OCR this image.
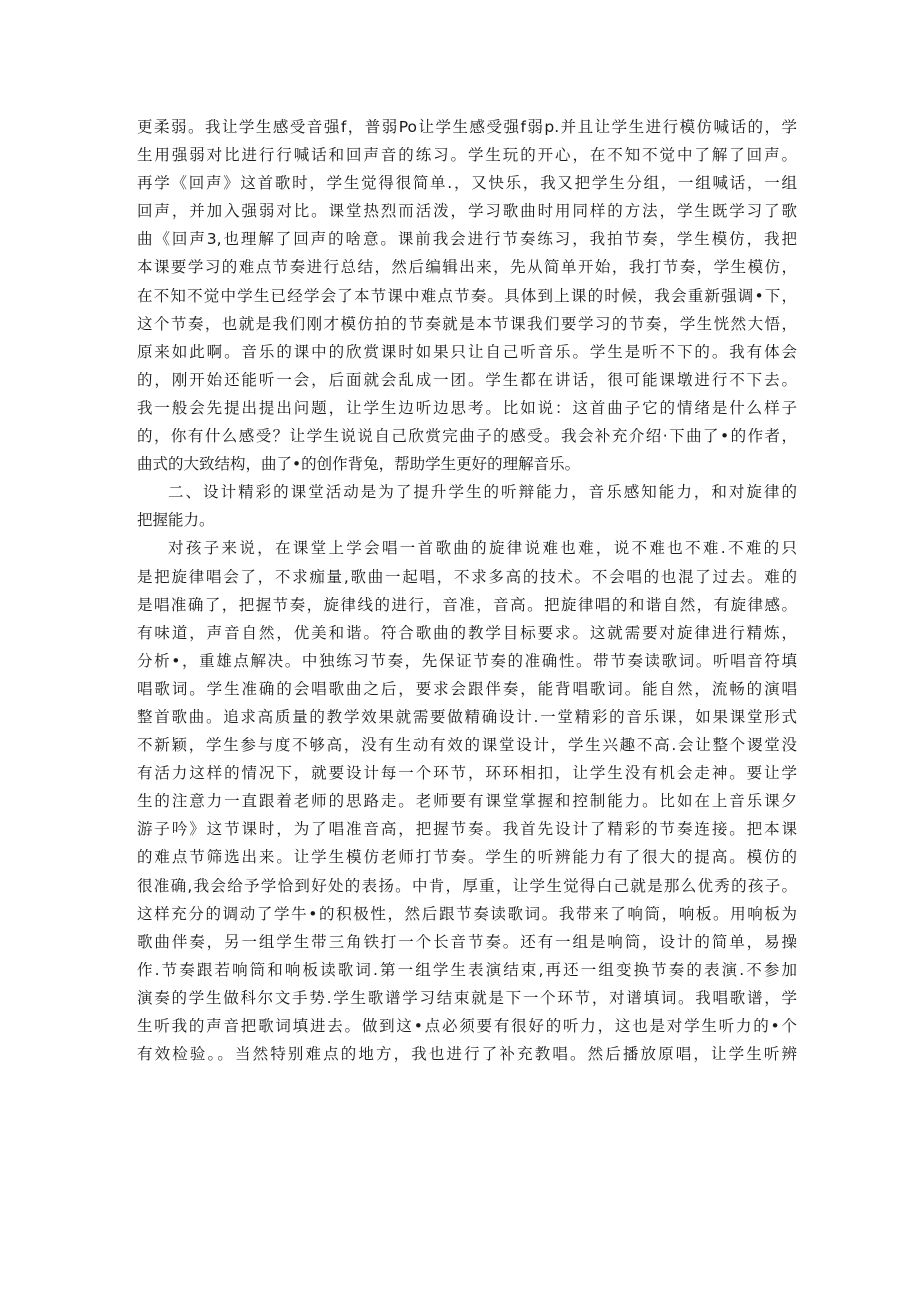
更柔弱。我让学生感受音强f，普弱Po让学生感受强f弱p.并且让学生进行模仿喊话的，学
生用强弱对比进行行喊话和回声音的练习。学生玩的开心，在不知不觉中了解了回声。
再学《回声》这首歌时，学生觉得很简单.，又快乐，我又把学生分组，一组喊话，一组
回声，并加入强弱对比。课堂热烈而活泼，学习歌曲时用同样的方法，学生既学习了歌
曲《回声3,也理解了回声的啥意。课前我会进行节奏练习，我拍节奏，学生模仿，我把
本课要学习的难点节奏进行总结，然后编辑出来，先从简单开始，我打节奏，学生模仿，
在不知不觉中学生已经学会了本节课中难点节奏。具体到上课的时候，我会重新强调•下，
这个节奏，也就是我们刚才模仿拍的节奏就是本节课我们要学习的节奏，学生恍然大悟，
原来如此啊。音乐的课中的欣赏课时如果只让自己听音乐。学生是听不下的。我有体会
的，刚开始还能听一会，后面就会乱成一团。学生都在讲话，很可能课墩进行不下去。
我一般会先提出提出问题，让学生边听边思考。比如说：这首曲子它的情绪是什么样子
的，你有什么感受？让学生说说自己欣赏完曲子的感受。我会补充介绍·下曲了•的作者，
曲式的大致结构，曲了•的创作背兔，帮助学生更好的理解音乐。
二、设计精彩的课堂活动是为了提升学生的听辩能力，音乐感知能力，和对旋律的
把握能力。
对孩子来说，在课堂上学会唱一首歌曲的旋律说难也难，说不难也不难.不难的只
是把旋律唱会了，不求痂量,歌曲一起唱，不求多高的技术。不会唱的也混了过去。难的
是唱准确了，把握节奏，旋律线的进行，音准，音高。把旋律唱的和谐自然，有旋律感。
有味道，声音自然，优美和谐。符合歌曲的教学目标要求。这就需要对旋律进行精炼，
分析•，重雄点解决。中独练习节奏，先保证节奏的准确性。带节奏读歌词。听唱音符填
唱歌词。学生准确的会唱歌曲之后，要求会跟伴奏，能背唱歌词。能自然，流畅的演唱
整首歌曲。追求高质量的教学效果就需要做精确设计.一堂精彩的音乐课，如果课堂形式
不新颖，学生参与度不够高，没有生动有效的课堂设计，学生兴趣不高.会让整个谡堂没
有活力这样的情况下，就要设计每一个环节，环环相扣，让学生没有机会走神。要让学
生的注意力一直跟着老师的思路走。老师要有课堂掌握和控制能力。比如在上音乐课夕
游子吟》这节课时，为了唱准音高，把握节奏。我首先设计了精彩的节奏连接。把本课
的难点节筛选出来。让学生模仿老师打节奏。学生的听辨能力有了很大的提高。模仿的
很准确,我会给予学恰到好处的表扬。中肯，厚重，让学生觉得白己就是那么优秀的孩子。
这样充分的调动了学牛•的积极性，然后跟节奏读歌词。我带来了响筒，响板。用响板为
歌曲伴奏，另一组学生带三角铁打一个长音节奏。还有一组是响筒，设计的简单，易操
作.节奏跟若响筒和响板读歌词.第一组学生表演结束,再还一组变换节奏的表演.不参加
演奏的学生做科尔文手势.学生歌谱学习结束就是下一个环节，对谱填词。我唱歌谱，学
生听我的声音把歌词填进去。做到这•点必须要有很好的听力，这也是对学生听力的•个
有效检验。。当然特别难点的地方，我也进行了补充教唱。然后播放原唱，让学生听辨
